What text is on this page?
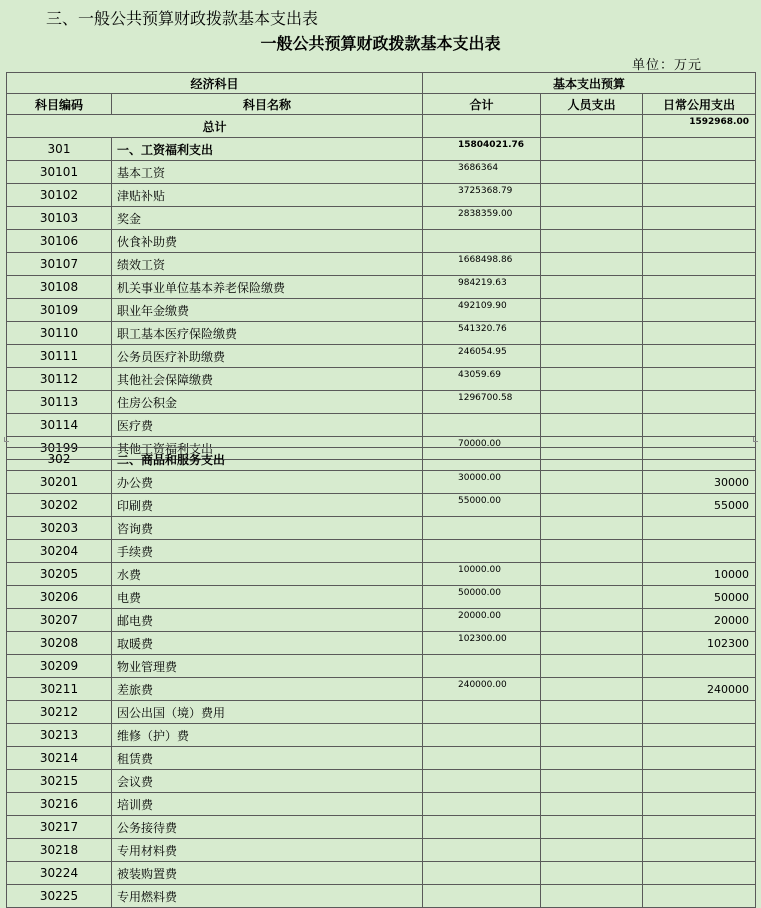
三、一般公共预算财政拨款基本支出表
一般公共预算财政拨款基本支出表
单位：万元
经济科目		基本支出预算		
科目编码	科目名称	合计	人员支出	日常公用支出
总计				1592968.00
301	一、工资福利支出	15804021.76		
30101	基本工资	3686364		
30102	津贴补贴	3725368.79		
30103	奖金	2838359.00		
30106	伙食补助费			
30107	绩效工资	1668498.86		
30108	机关事业单位基本养老保险缴费	984219.63		
30109	职业年金缴费	492109.90		
30110	职工基本医疗保险缴费	541320.76		
30111	公务员医疗补助缴费	246054.95		
30112	其他社会保障缴费	43059.69		
30113	住房公积金	1296700.58		
30114	医疗费			
30199	其他工资福利支出	70000.00		
302	二、商品和服务支出			
30201	办公费	30000.00		30000
30202	印刷费	55000.00		55000
30203	咨询费			
30204	手续费			
30205	水费	10000.00		10000
30206	电费	50000.00		50000
30207	邮电费	20000.00		20000
30208	取暖费	102300.00		102300
30209	物业管理费			
30211	差旅费	240000.00		240000
30212	因公出国（境）费用			
30213	维修（护）费			
30214	租赁费			
30215	会议费			
30216	培训费			
30217	公务接待费			
30218	专用材料费			
30224	被装购置费			
30225	专用燃料费			
